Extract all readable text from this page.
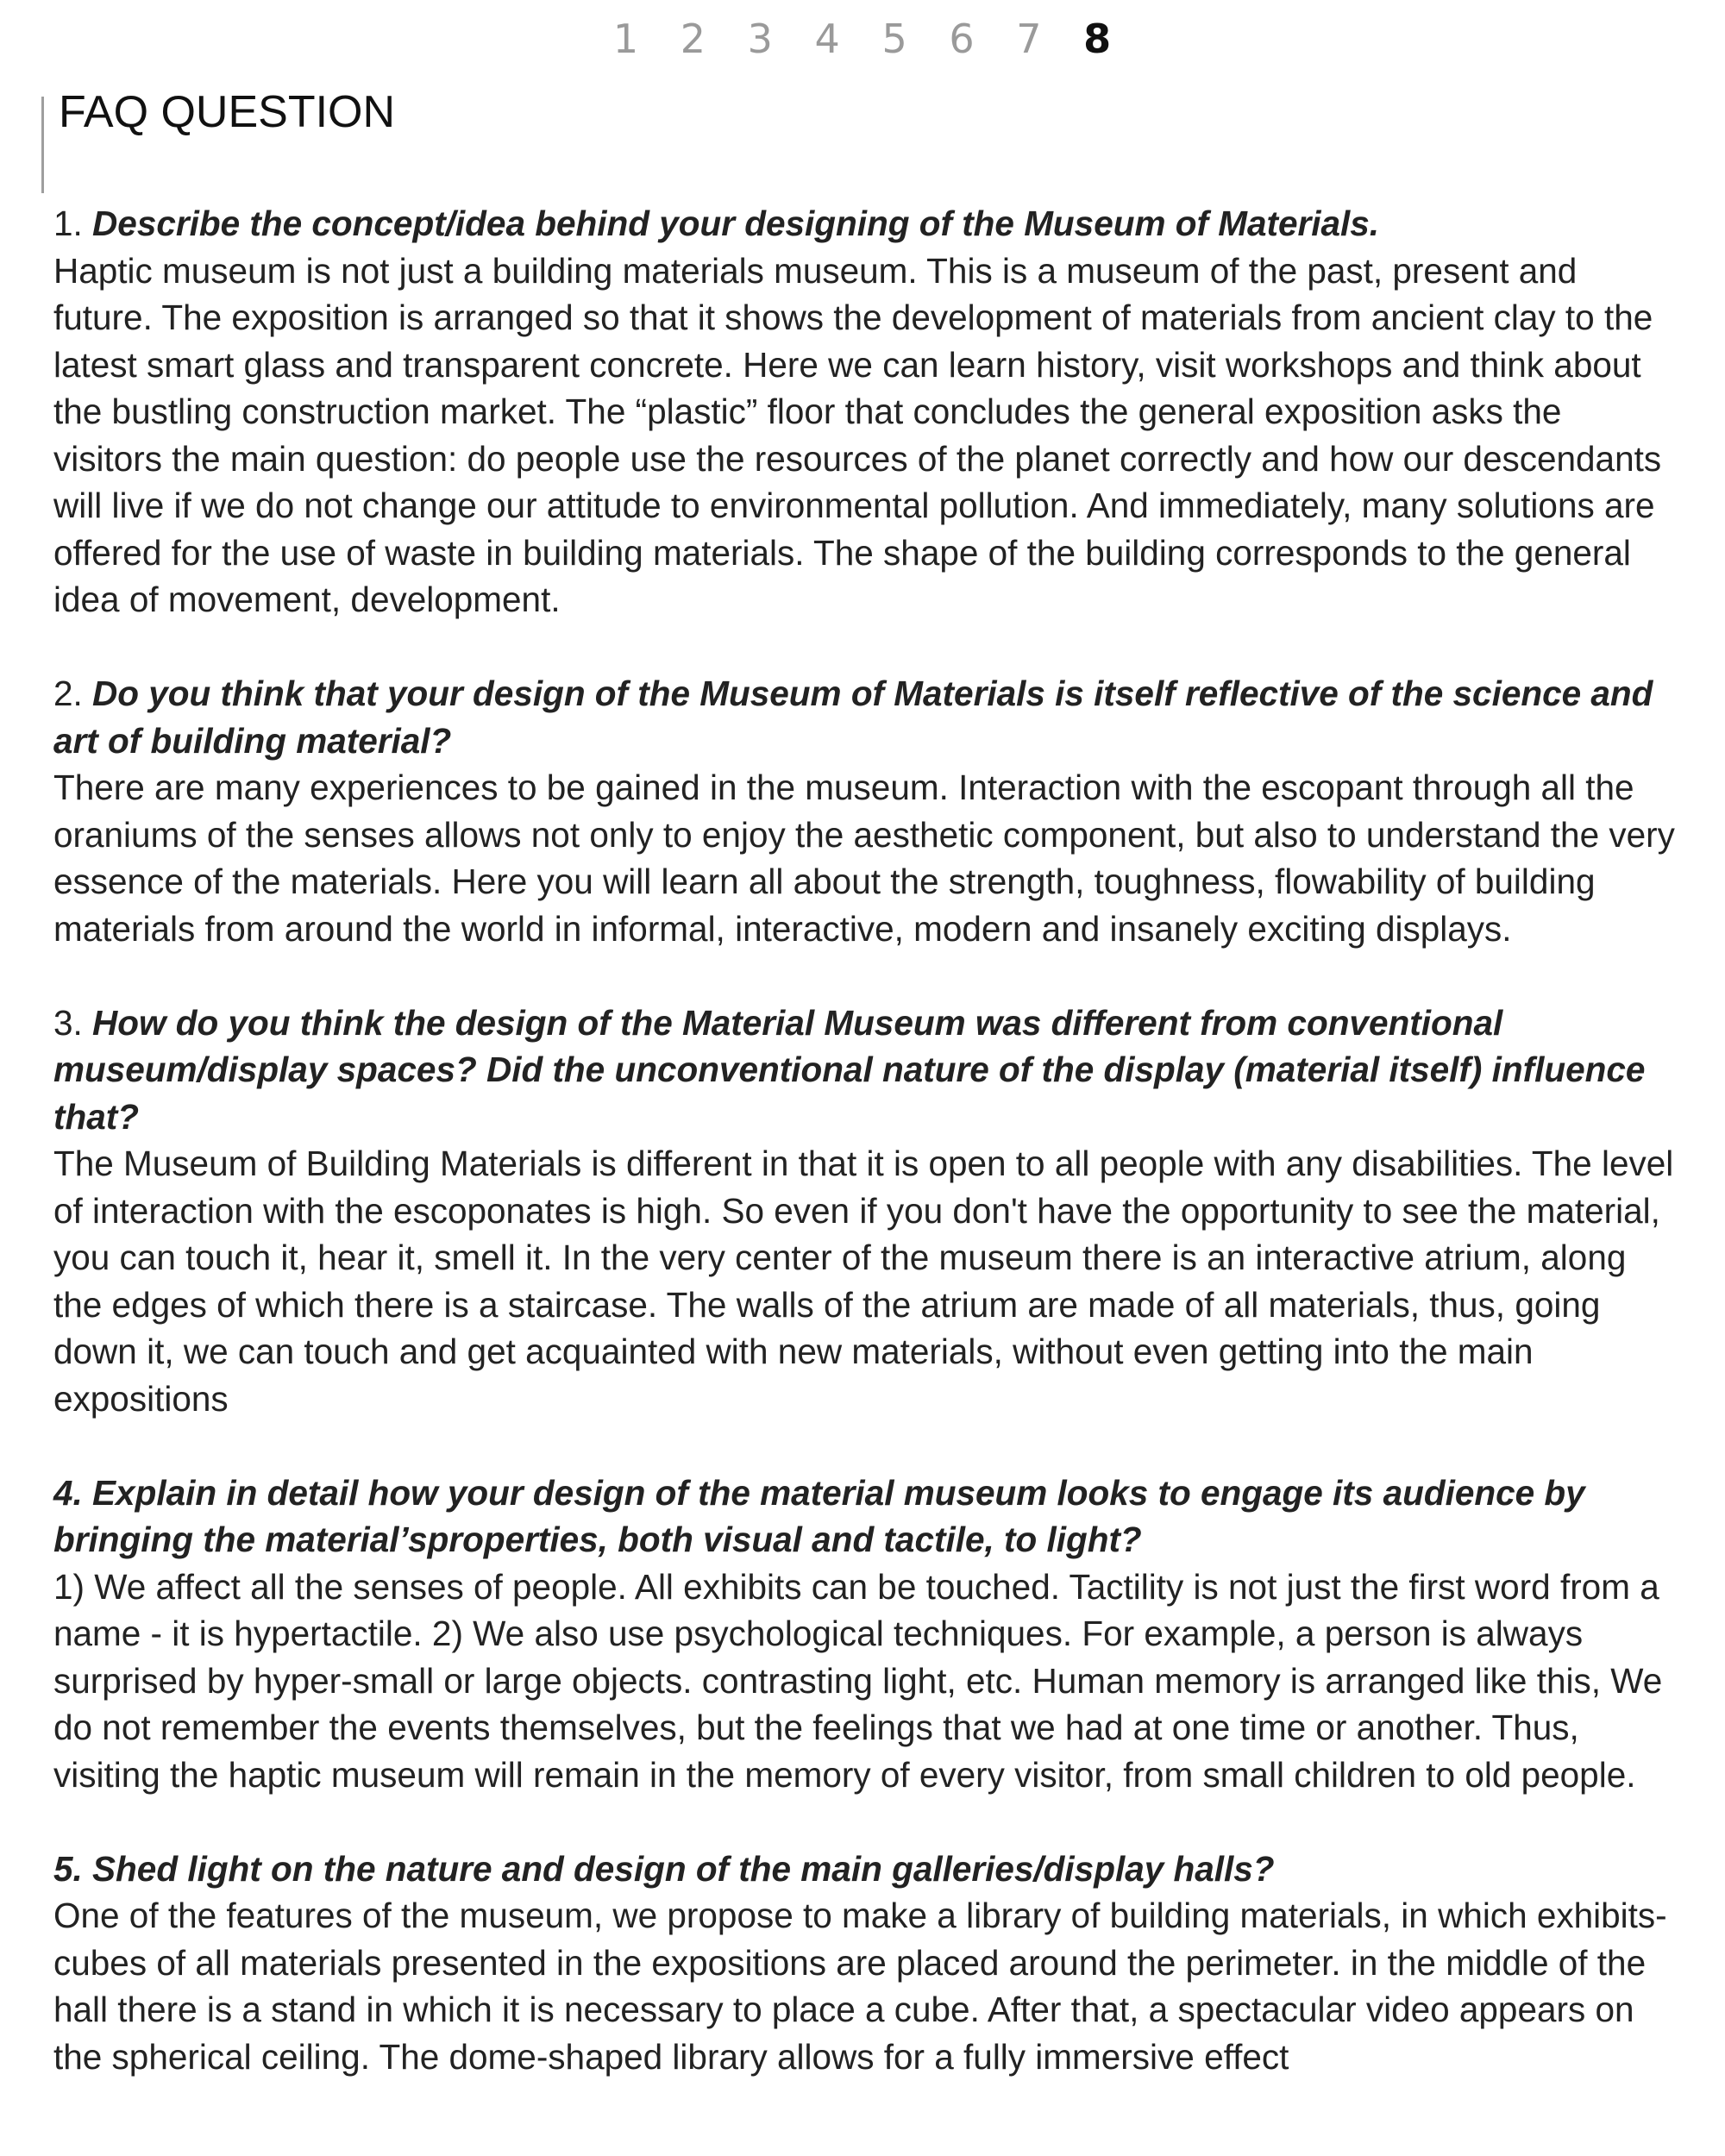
1 2 3 4 5 6 7 8
FAQ QUESTION

1. Describe the concept/idea behind your designing of the Museum of Materials.

Haptic museum is not just a building materials museum. This is a museum of the past, present and future. The exposition is arranged so that it shows the development of materials from ancient clay to the latest smart glass and transparent concrete. Here we can learn history, visit workshops and think about the bustling construction market. The “plastic” floor that concludes the general exposition asks the visitors the main question: do people use the resources of the planet correctly and how our descendants will live if we do not change our attitude to environmental pollution. And immediately, many solutions are offered for the use of waste in building materials. The shape of the building corresponds to the general idea of movement, development.

2. Do you think that your design of the Museum of Materials is itself reflective of the science and art of building material?

There are many experiences to be gained in the museum. Interaction with the escopant through all the oraniums of the senses allows not only to enjoy the aesthetic component, but also to understand the very essence of the materials. Here you will learn all about the strength, toughness, flowability of building materials from around the world in informal, interactive, modern and insanely exciting displays.

3. How do you think the design of the Material Museum was different from conventional museum/display spaces? Did the unconventional nature of the display (material itself) influence that?

The Museum of Building Materials is different in that it is open to all people with any disabilities. The level of interaction with the escoponates is high. So even if you don't have the opportunity to see the material, you can touch it, hear it, smell it. In the very center of the museum there is an interactive atrium, along the edges of which there is a staircase. The walls of the atrium are made of all materials, thus, going down it, we can touch and get acquainted with new materials, without even getting into the main expositions

4. Explain in detail how your design of the material museum looks to engage its audience by bringing the material’sproperties, both visual and tactile, to light?

1) We affect all the senses of people. All exhibits can be touched. Tactility is not just the first word from a name - it is hypertactile. 2) We also use psychological techniques. For example, a person is always surprised by hyper-small or large objects. contrasting light, etc. Human memory is arranged like this, We do not remember the events themselves, but the feelings that we had at one time or another. Thus, visiting the haptic museum will remain in the memory of every visitor, from small children to old people.

5. Shed light on the nature and design of the main galleries/display halls?

One of the features of the museum, we propose to make a library of building materials, in which exhibits-cubes of all materials presented in the expositions are placed around the perimeter. in the middle of the hall there is a stand in which it is necessary to place a cube. After that, a spectacular video appears on the spherical ceiling. The dome-shaped library allows for a fully immersive effect
